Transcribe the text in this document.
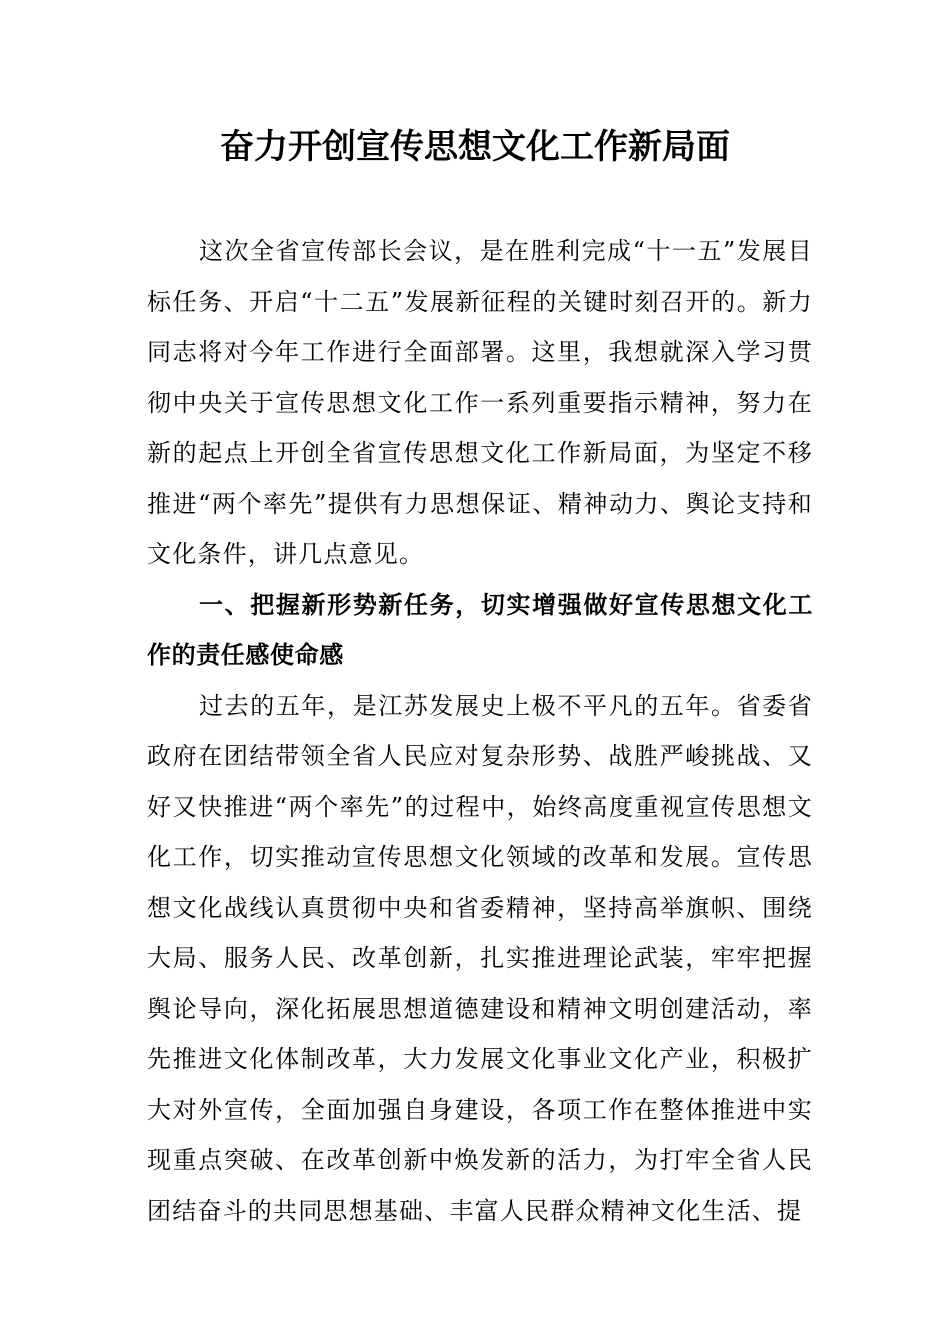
奋力开创宣传思想文化工作新局面

这次全省宣传部长会议，是在胜利完成“十一五”发展目标任务、开启“十二五”发展新征程的关键时刻召开的。新力同志将对今年工作进行全面部署。这里，我想就深入学习贯彻中央关于宣传思想文化工作一系列重要指示精神，努力在新的起点上开创全省宣传思想文化工作新局面，为坚定不移推进“两个率先”提供有力思想保证、精神动力、舆论支持和文化条件，讲几点意见。

一、把握新形势新任务，切实增强做好宣传思想文化工作的责任感使命感

过去的五年，是江苏发展史上极不平凡的五年。省委省政府在团结带领全省人民应对复杂形势、战胜严峻挑战、又好又快推进“两个率先”的过程中，始终高度重视宣传思想文化工作，切实推动宣传思想文化领域的改革和发展。宣传思想文化战线认真贯彻中央和省委精神，坚持高举旗帜、围绕大局、服务人民、改革创新，扎实推进理论武装，牢牢把握舆论导向，深化拓展思想道德建设和精神文明创建活动，率先推进文化体制改革，大力发展文化事业文化产业，积极扩大对外宣传，全面加强自身建设，各项工作在整体推进中实现重点突破、在改革创新中焕发新的活力，为打牢全省人民团结奋斗的共同思想基础、丰富人民群众精神文化生活、提
